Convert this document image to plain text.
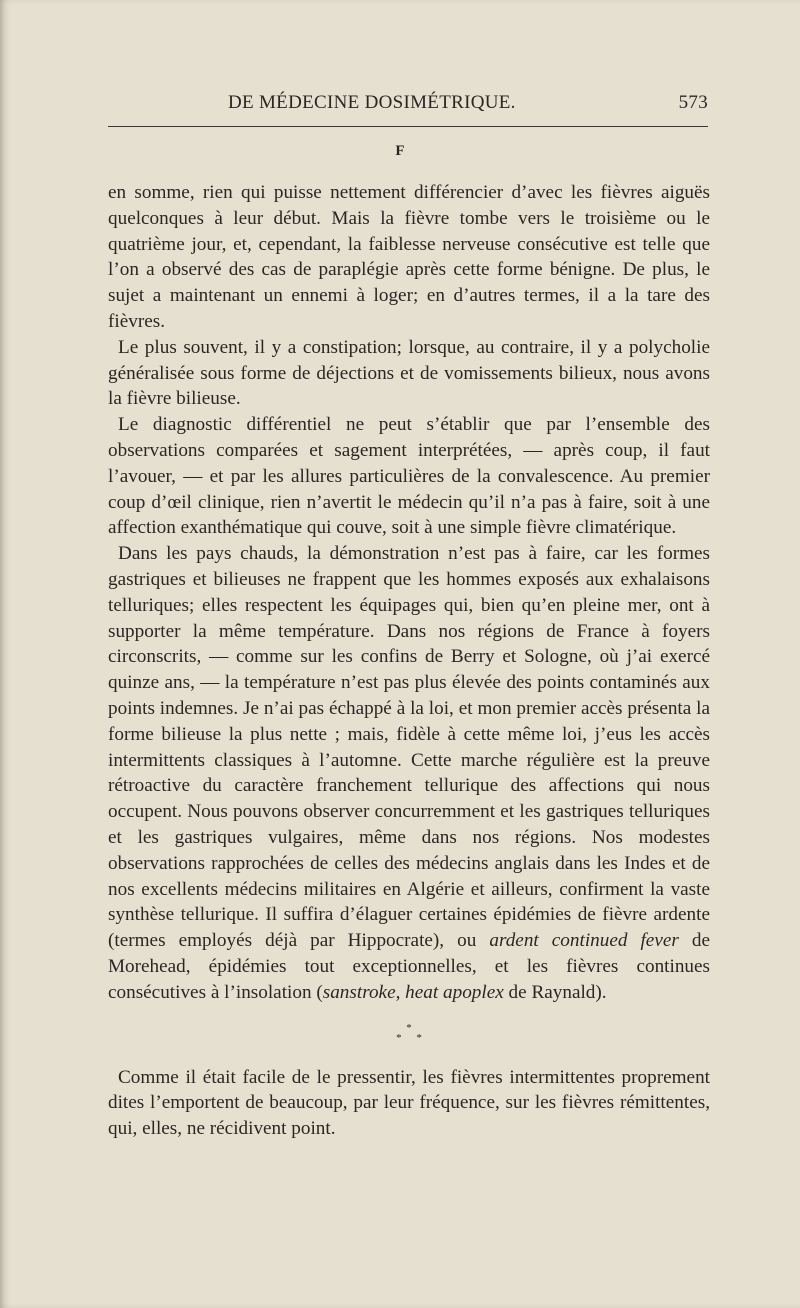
DE MÉDECINE DOSIMÉTRIQUE.	573
F

en somme, rien qui puisse nettement différencier d’avec les fièvres aiguës quelconques à leur début. Mais la fièvre tombe vers le troisième ou le quatrième jour, et, cependant, la faiblesse nerveuse consécutive est telle que l’on a observé des cas de paraplégie après cette forme bénigne. De plus, le sujet a maintenant un ennemi à loger; en d’autres termes, il a la tare des fièvres.

Le plus souvent, il y a constipation; lorsque, au contraire, il y a polycholie généralisée sous forme de déjections et de vomissements bilieux, nous avons la fièvre bilieuse.

Le diagnostic différentiel ne peut s’établir que par l’ensemble des observations comparées et sagement interprétées, — après coup, il faut l’avouer, — et par les allures particulières de la convalescence. Au premier coup d’œil clinique, rien n’avertit le médecin qu’il n’a pas à faire, soit à une affection exanthématique qui couve, soit à une simple fièvre climatérique.

Dans les pays chauds, la démonstration n’est pas à faire, car les formes gastriques et bilieuses ne frappent que les hommes exposés aux exhalaisons telluriques; elles respectent les équipages qui, bien qu’en pleine mer, ont à supporter la même température. Dans nos régions de France à foyers circonscrits, — comme sur les confins de Berry et Sologne, où j’ai exercé quinze ans, — la température n’est pas plus élevée des points contaminés aux points indemnes. Je n’ai pas échappé à la loi, et mon premier accès présenta la forme bilieuse la plus nette ; mais, fidèle à cette même loi, j’eus les accès intermittents classiques à l’automne. Cette marche régulière est la preuve rétroactive du caractère franchement tellurique des affections qui nous occupent. Nous pouvons observer concurremment et les gastriques telluriques et les gastriques vulgaires, même dans nos régions. Nos modestes observations rapprochées de celles des médecins anglais dans les Indes et de nos excellents médecins militaires en Algérie et ailleurs, confirment la vaste synthèse tellurique. Il suffira d’élaguer certaines épidémies de fièvre ardente (termes employés déjà par Hippocrate), ou ardent continued fever de Morehead, épidémies tout exceptionnelles, et les fièvres continues consécutives à l’insolation (sanstroke, heat apoplex de Raynald).

*
* *

Comme il était facile de le pressentir, les fièvres intermittentes proprement dites l’emportent de beaucoup, par leur fréquence, sur les fièvres rémittentes, qui, elles, ne récidivent point.
